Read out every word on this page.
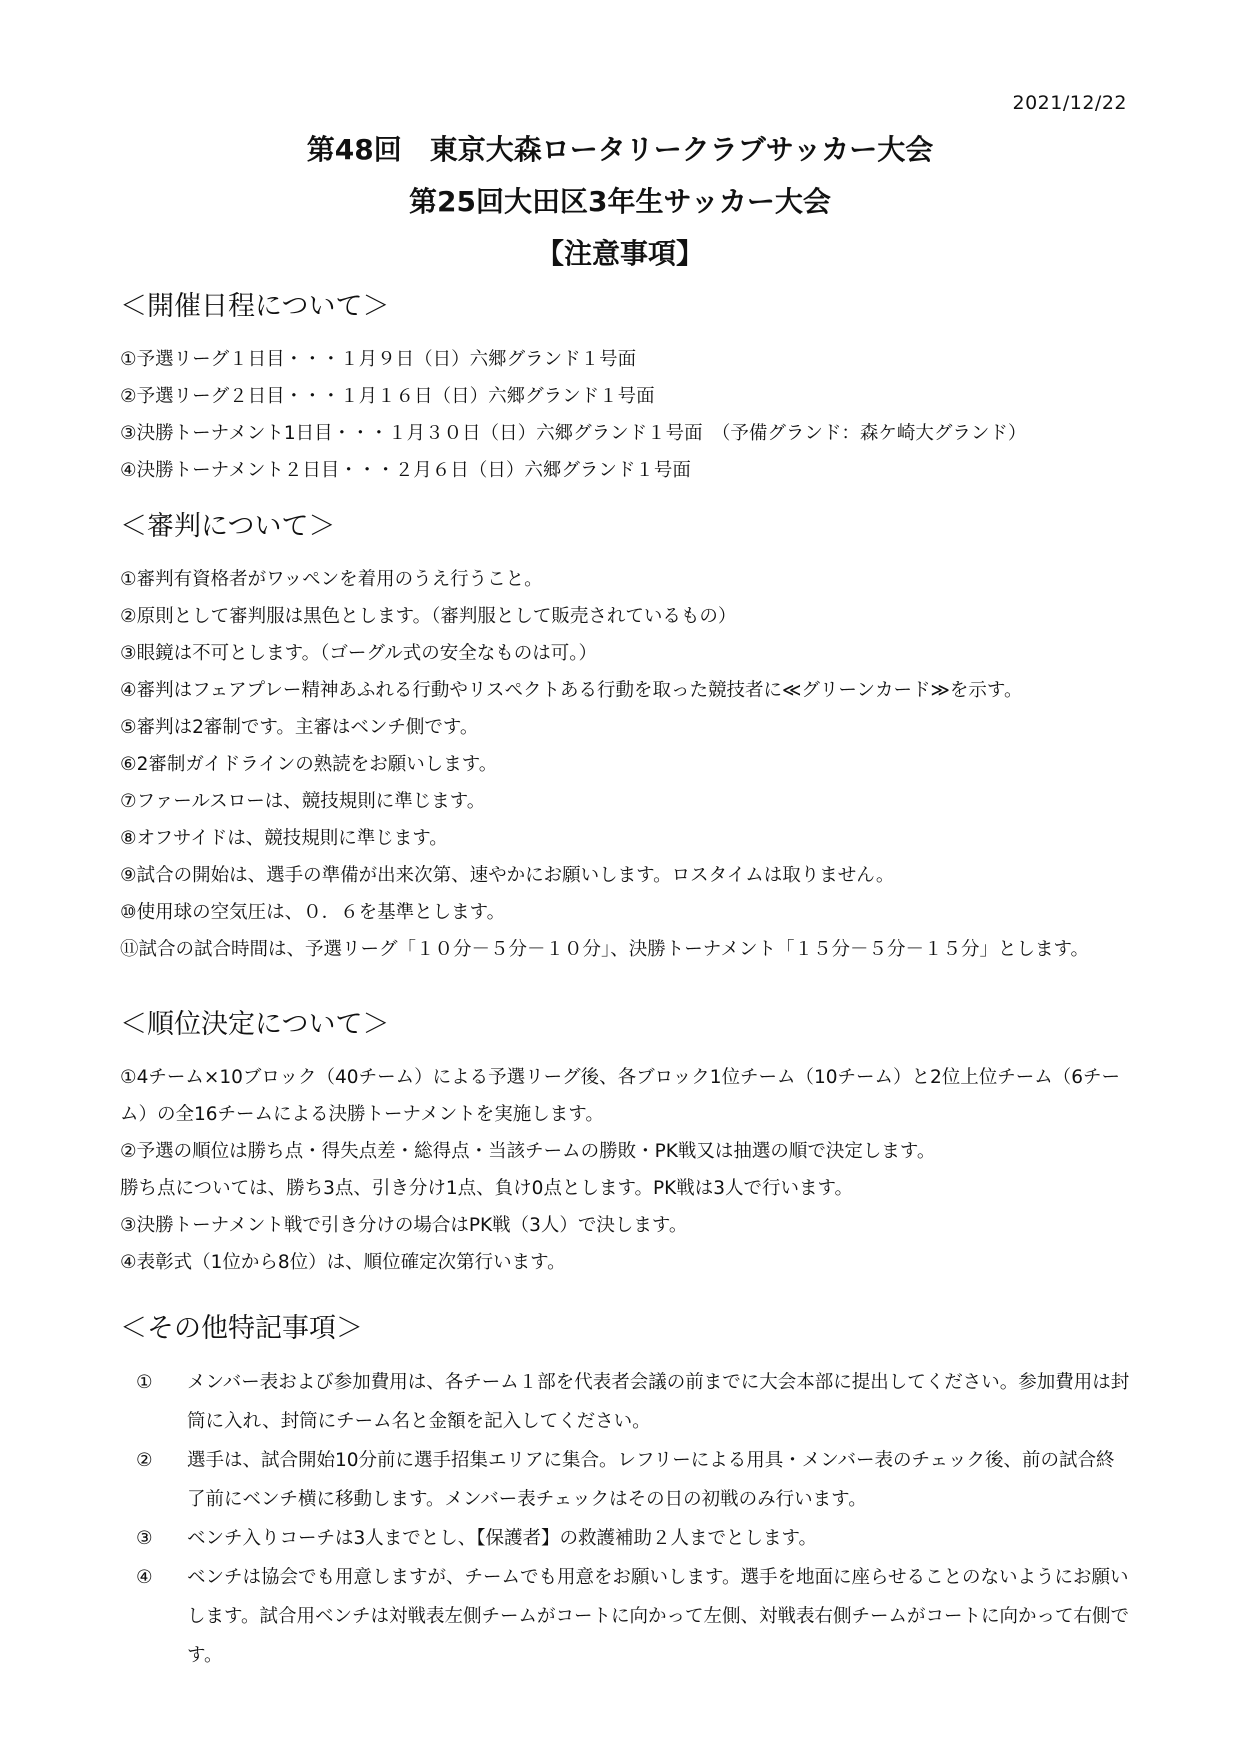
2021/12/22
第48回　東京大森ロータリークラブサッカー大会
第25回大田区3年生サッカー大会
【注意事項】
＜開催日程について＞
①予選リーグ１日目・・・１月９日（日）六郷グランド１号面
②予選リーグ２日目・・・１月１６日（日）六郷グランド１号面
③決勝トーナメント1日目・・・１月３０日（日）六郷グランド１号面　（予備グランド：森ケ崎大グランド）
④決勝トーナメント２日目・・・２月６日（日）六郷グランド１号面
＜審判について＞
①審判有資格者がワッペンを着用のうえ行うこと。
②原則として審判服は黒色とします。（審判服として販売されているもの）
③眼鏡は不可とします。（ゴーグル式の安全なものは可。）
④審判はフェアプレー精神あふれる行動やリスペクトある行動を取った競技者に≪グリーンカード≫を示す。
⑤審判は2審制です。主審はベンチ側です。
⑥2審制ガイドラインの熟読をお願いします。
⑦ファールスローは、競技規則に準じます。
⑧オフサイドは、競技規則に準じます。
⑨試合の開始は、選手の準備が出来次第、速やかにお願いします。ロスタイムは取りません。
⑩使用球の空気圧は、０．６を基準とします。
⑪試合の試合時間は、予選リーグ「１０分－５分－１０分」、決勝トーナメント「１５分－５分－１５分」とします。
＜順位決定について＞
①4チーム×10ブロック（40チーム）による予選リーグ後、各ブロック1位チーム（10チーム）と2位上位チーム（6チーム）の全16チームによる決勝トーナメントを実施します。
②予選の順位は勝ち点・得失点差・総得点・当該チームの勝敗・PK戦又は抽選の順で決定します。
勝ち点については、勝ち3点、引き分け1点、負け0点とします。PK戦は3人で行います。
③決勝トーナメント戦で引き分けの場合はPK戦（3人）で決します。
④表彰式（1位から8位）は、順位確定次第行います。
＜その他特記事項＞
① メンバー表および参加費用は、各チーム１部を代表者会議の前までに大会本部に提出してください。参加費用は封筒に入れ、封筒にチーム名と金額を記入してください。
② 選手は、試合開始10分前に選手招集エリアに集合。レフリーによる用具・メンバー表のチェック後、前の試合終了前にベンチ横に移動します。メンバー表チェックはその日の初戦のみ行います。
③ ベンチ入りコーチは3人までとし、【保護者】の救護補助２人までとします。
④ ベンチは協会でも用意しますが、チームでも用意をお願いします。選手を地面に座らせることのないようにお願いします。試合用ベンチは対戦表左側チームがコートに向かって左側、対戦表右側チームがコートに向かって右側です。
